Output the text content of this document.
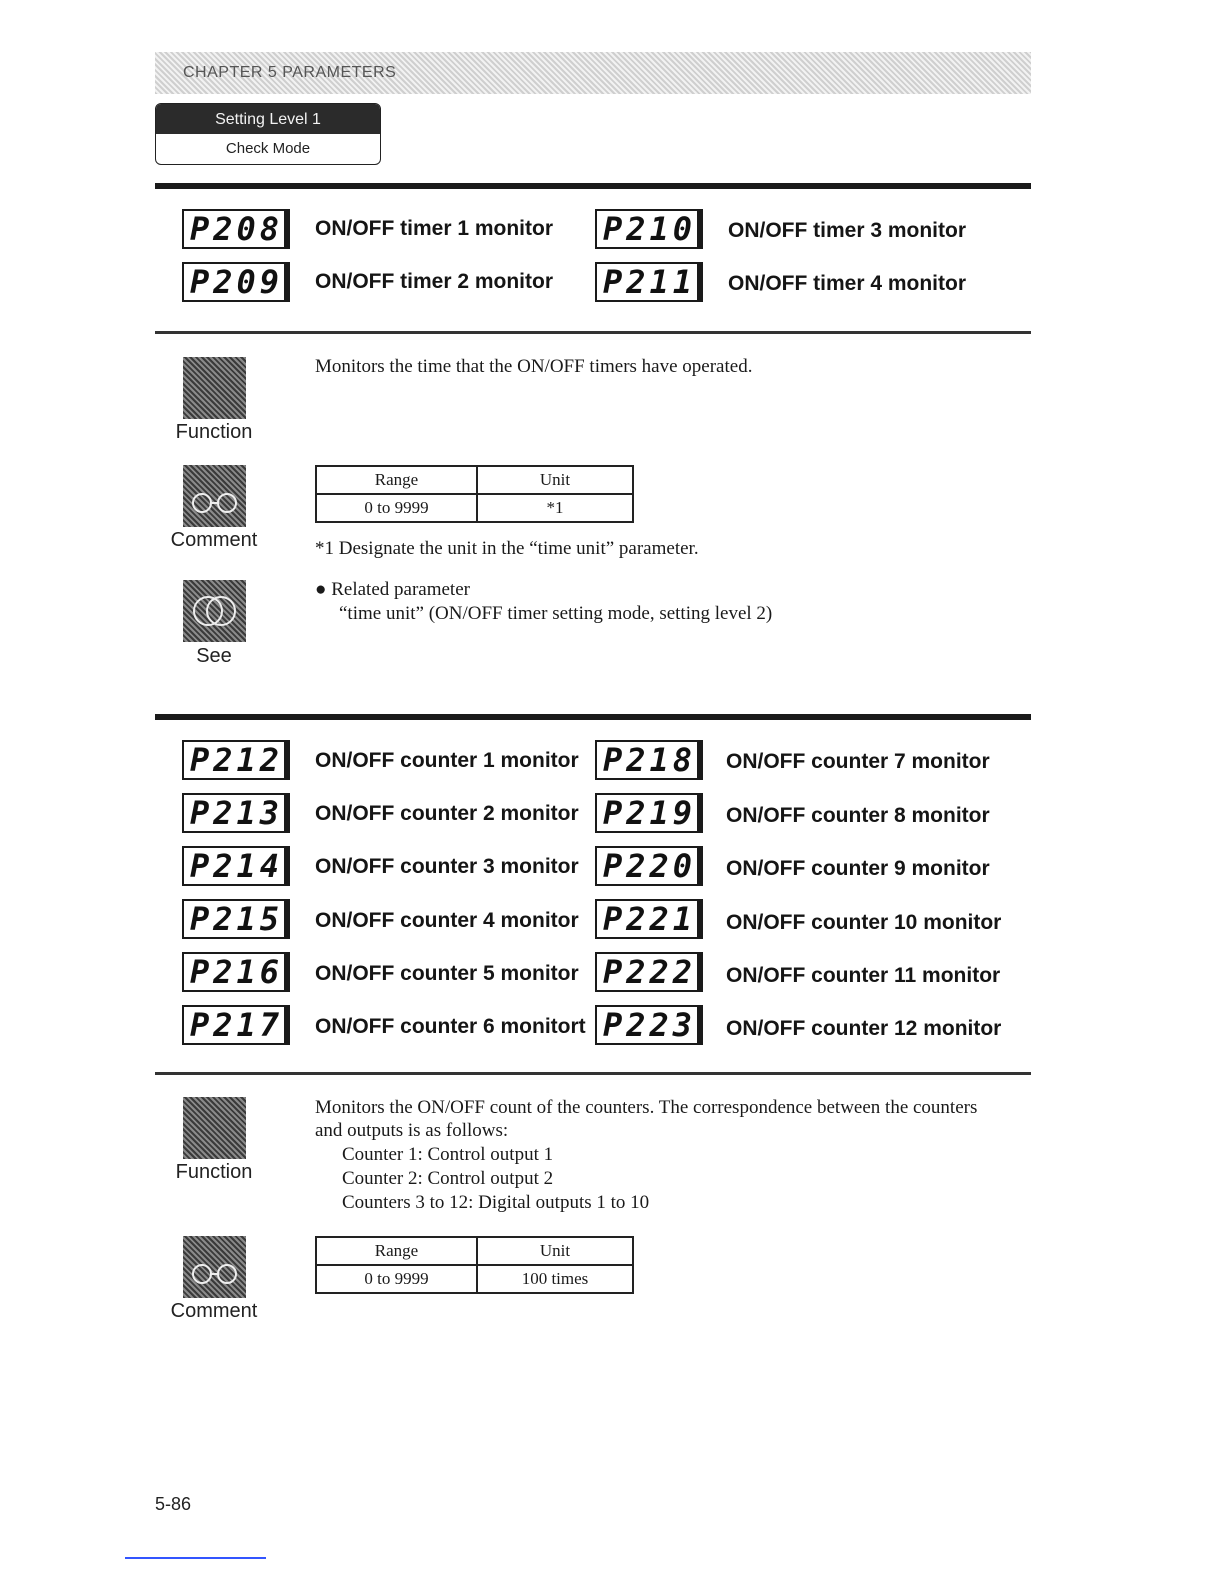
CHAPTER 5 PARAMETERS
Setting Level 1
Check Mode
P208	ON/OFF timer 1 monitor
P209	ON/OFF timer 2 monitor
P210	ON/OFF timer 3 monitor
P211	ON/OFF timer 4 monitor
Function
Monitors the time that the ON/OFF timers have operated.
Comment
Range	Unit
0 to 9999	*1
*1 Designate the unit in the “time unit” parameter.
See
● Related parameter
“time unit” (ON/OFF timer setting mode, setting level 2)
P212	ON/OFF counter 1 monitor
P213	ON/OFF counter 2 monitor
P214	ON/OFF counter 3 monitor
P215	ON/OFF counter 4 monitor
P216	ON/OFF counter 5 monitor
P217	ON/OFF counter 6 monitort
P218	ON/OFF counter 7 monitor
P219	ON/OFF counter 8 monitor
P220	ON/OFF counter 9 monitor
P221	ON/OFF counter 10 monitor
P222	ON/OFF counter 11 monitor
P223	ON/OFF counter 12 monitor
Function
Monitors the ON/OFF count of the counters. The correspondence between the counters
and outputs is as follows:
Counter 1: Control output 1
Counter 2: Control output 2
Counters 3 to 12: Digital outputs 1 to 10
Comment
Range	Unit
0 to 9999	100 times
5-86
